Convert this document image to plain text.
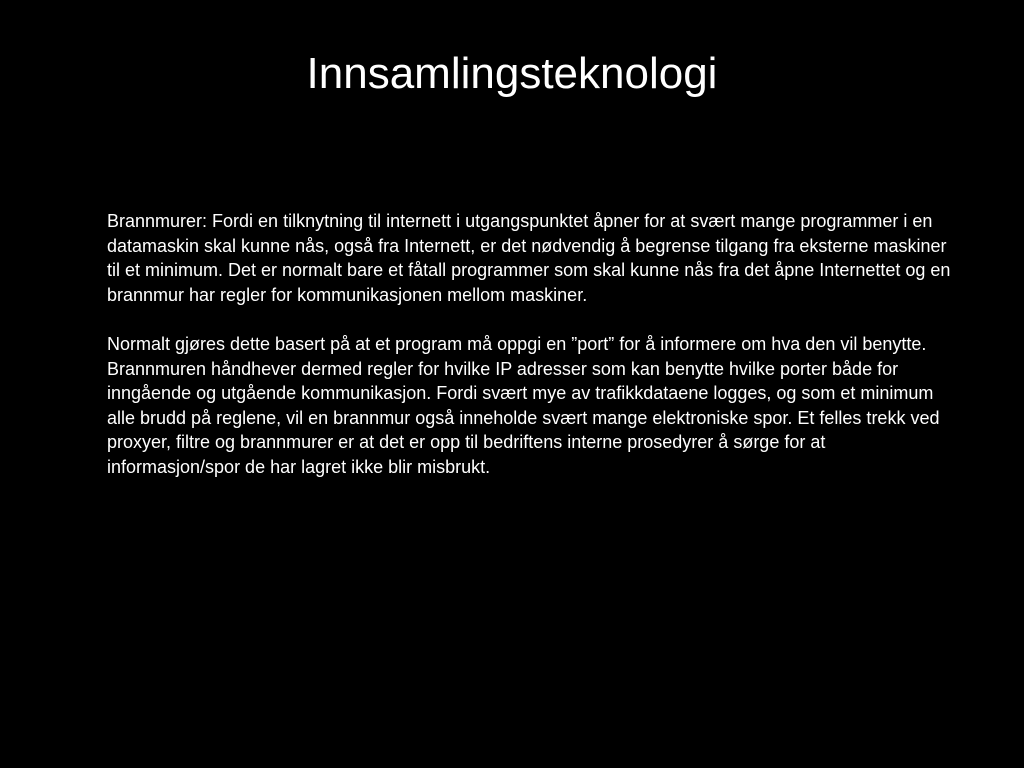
Innsamlingsteknologi

Brannmurer: Fordi en tilknytning til internett i utgangspunktet åpner for at svært mange programmer i en datamaskin skal kunne nås, også fra Internett, er det nødvendig å begrense tilgang fra eksterne maskiner til et minimum. Det er normalt bare et fåtall programmer som skal kunne nås fra det åpne Internettet og en brannmur har regler for kommunikasjonen mellom maskiner.

Normalt gjøres dette basert på at et program må oppgi en ”port” for å informere om hva den vil benytte. Brannmuren håndhever dermed regler for hvilke IP adresser som kan benytte hvilke porter både for inngående og utgående kommunikasjon. Fordi svært mye av trafikkdataene logges, og som et minimum alle brudd på reglene, vil en brannmur også inneholde svært mange elektroniske spor. Et felles trekk ved proxyer, filtre og brannmurer er at det er opp til bedriftens interne prosedyrer å sørge for at informasjon/spor de har lagret ikke blir misbrukt.
